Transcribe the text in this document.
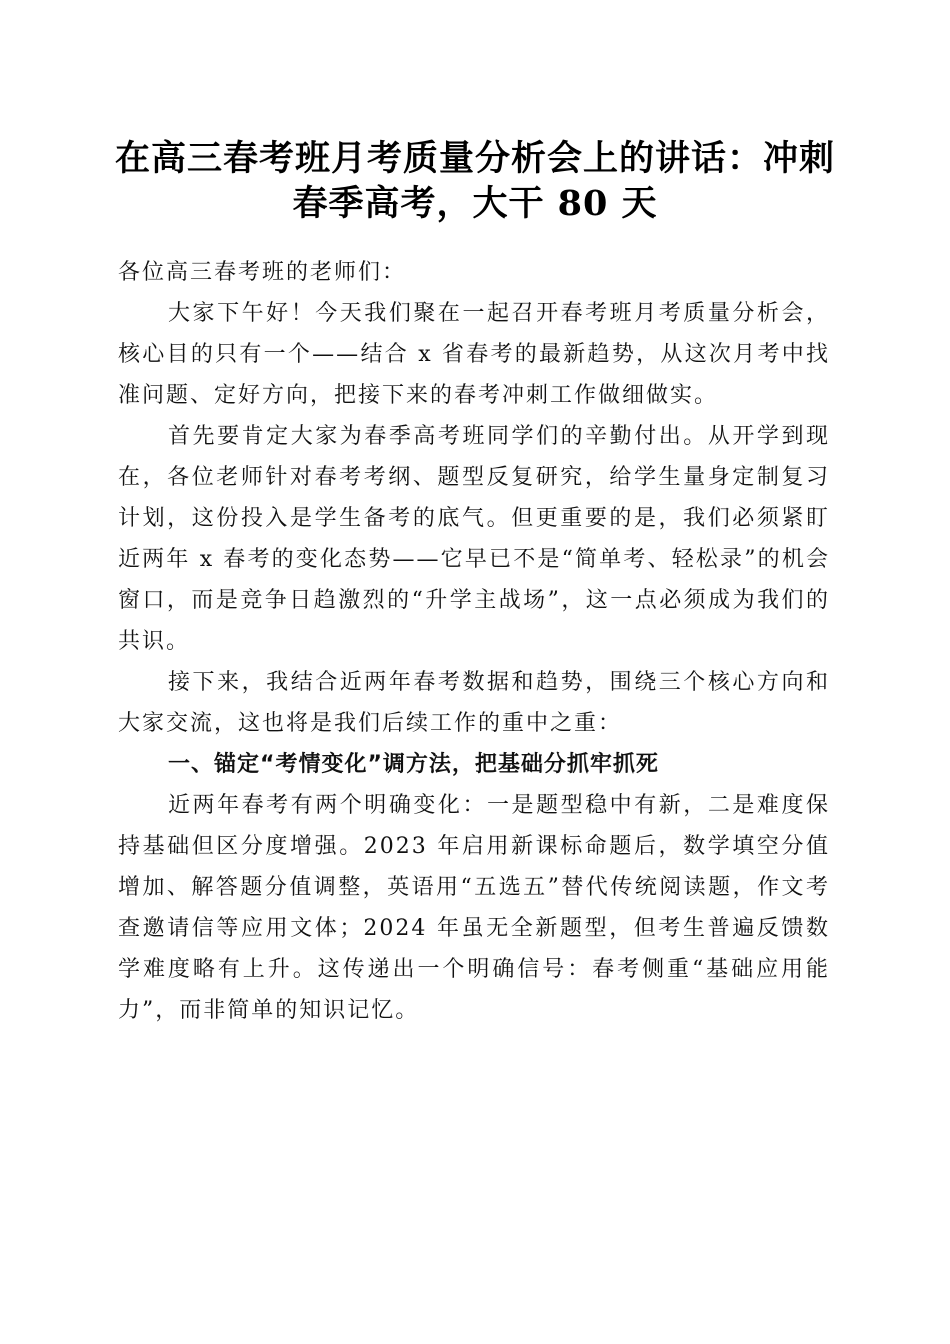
在高三春考班月考质量分析会上的讲话：冲刺
春季高考，大干 80 天

各位高三春考班的老师们：

大家下午好！今天我们聚在一起召开春考班月考质量分析会，核心目的只有一个——结合 x 省春考的最新趋势，从这次月考中找准问题、定好方向，把接下来的春考冲刺工作做细做实。

首先要肯定大家为春季高考班同学们的辛勤付出。从开学到现在，各位老师针对春考考纲、题型反复研究，给学生量身定制复习计划，这份投入是学生备考的底气。但更重要的是，我们必须紧盯近两年 x 春考的变化态势——它早已不是“简单考、轻松录”的机会窗口，而是竞争日趋激烈的“升学主战场”，这一点必须成为我们的共识。

接下来，我结合近两年春考数据和趋势，围绕三个核心方向和大家交流，这也将是我们后续工作的重中之重：

一、锚定“考情变化”调方法，把基础分抓牢抓死

近两年春考有两个明确变化：一是题型稳中有新，二是难度保持基础但区分度增强。2023 年启用新课标命题后，数学填空分值增加、解答题分值调整，英语用“五选五”替代传统阅读题，作文考查邀请信等应用文体；2024 年虽无全新题型，但考生普遍反馈数学难度略有上升。这传递出一个明确信号：春考侧重“基础应用能力”，而非简单的知识记忆。
